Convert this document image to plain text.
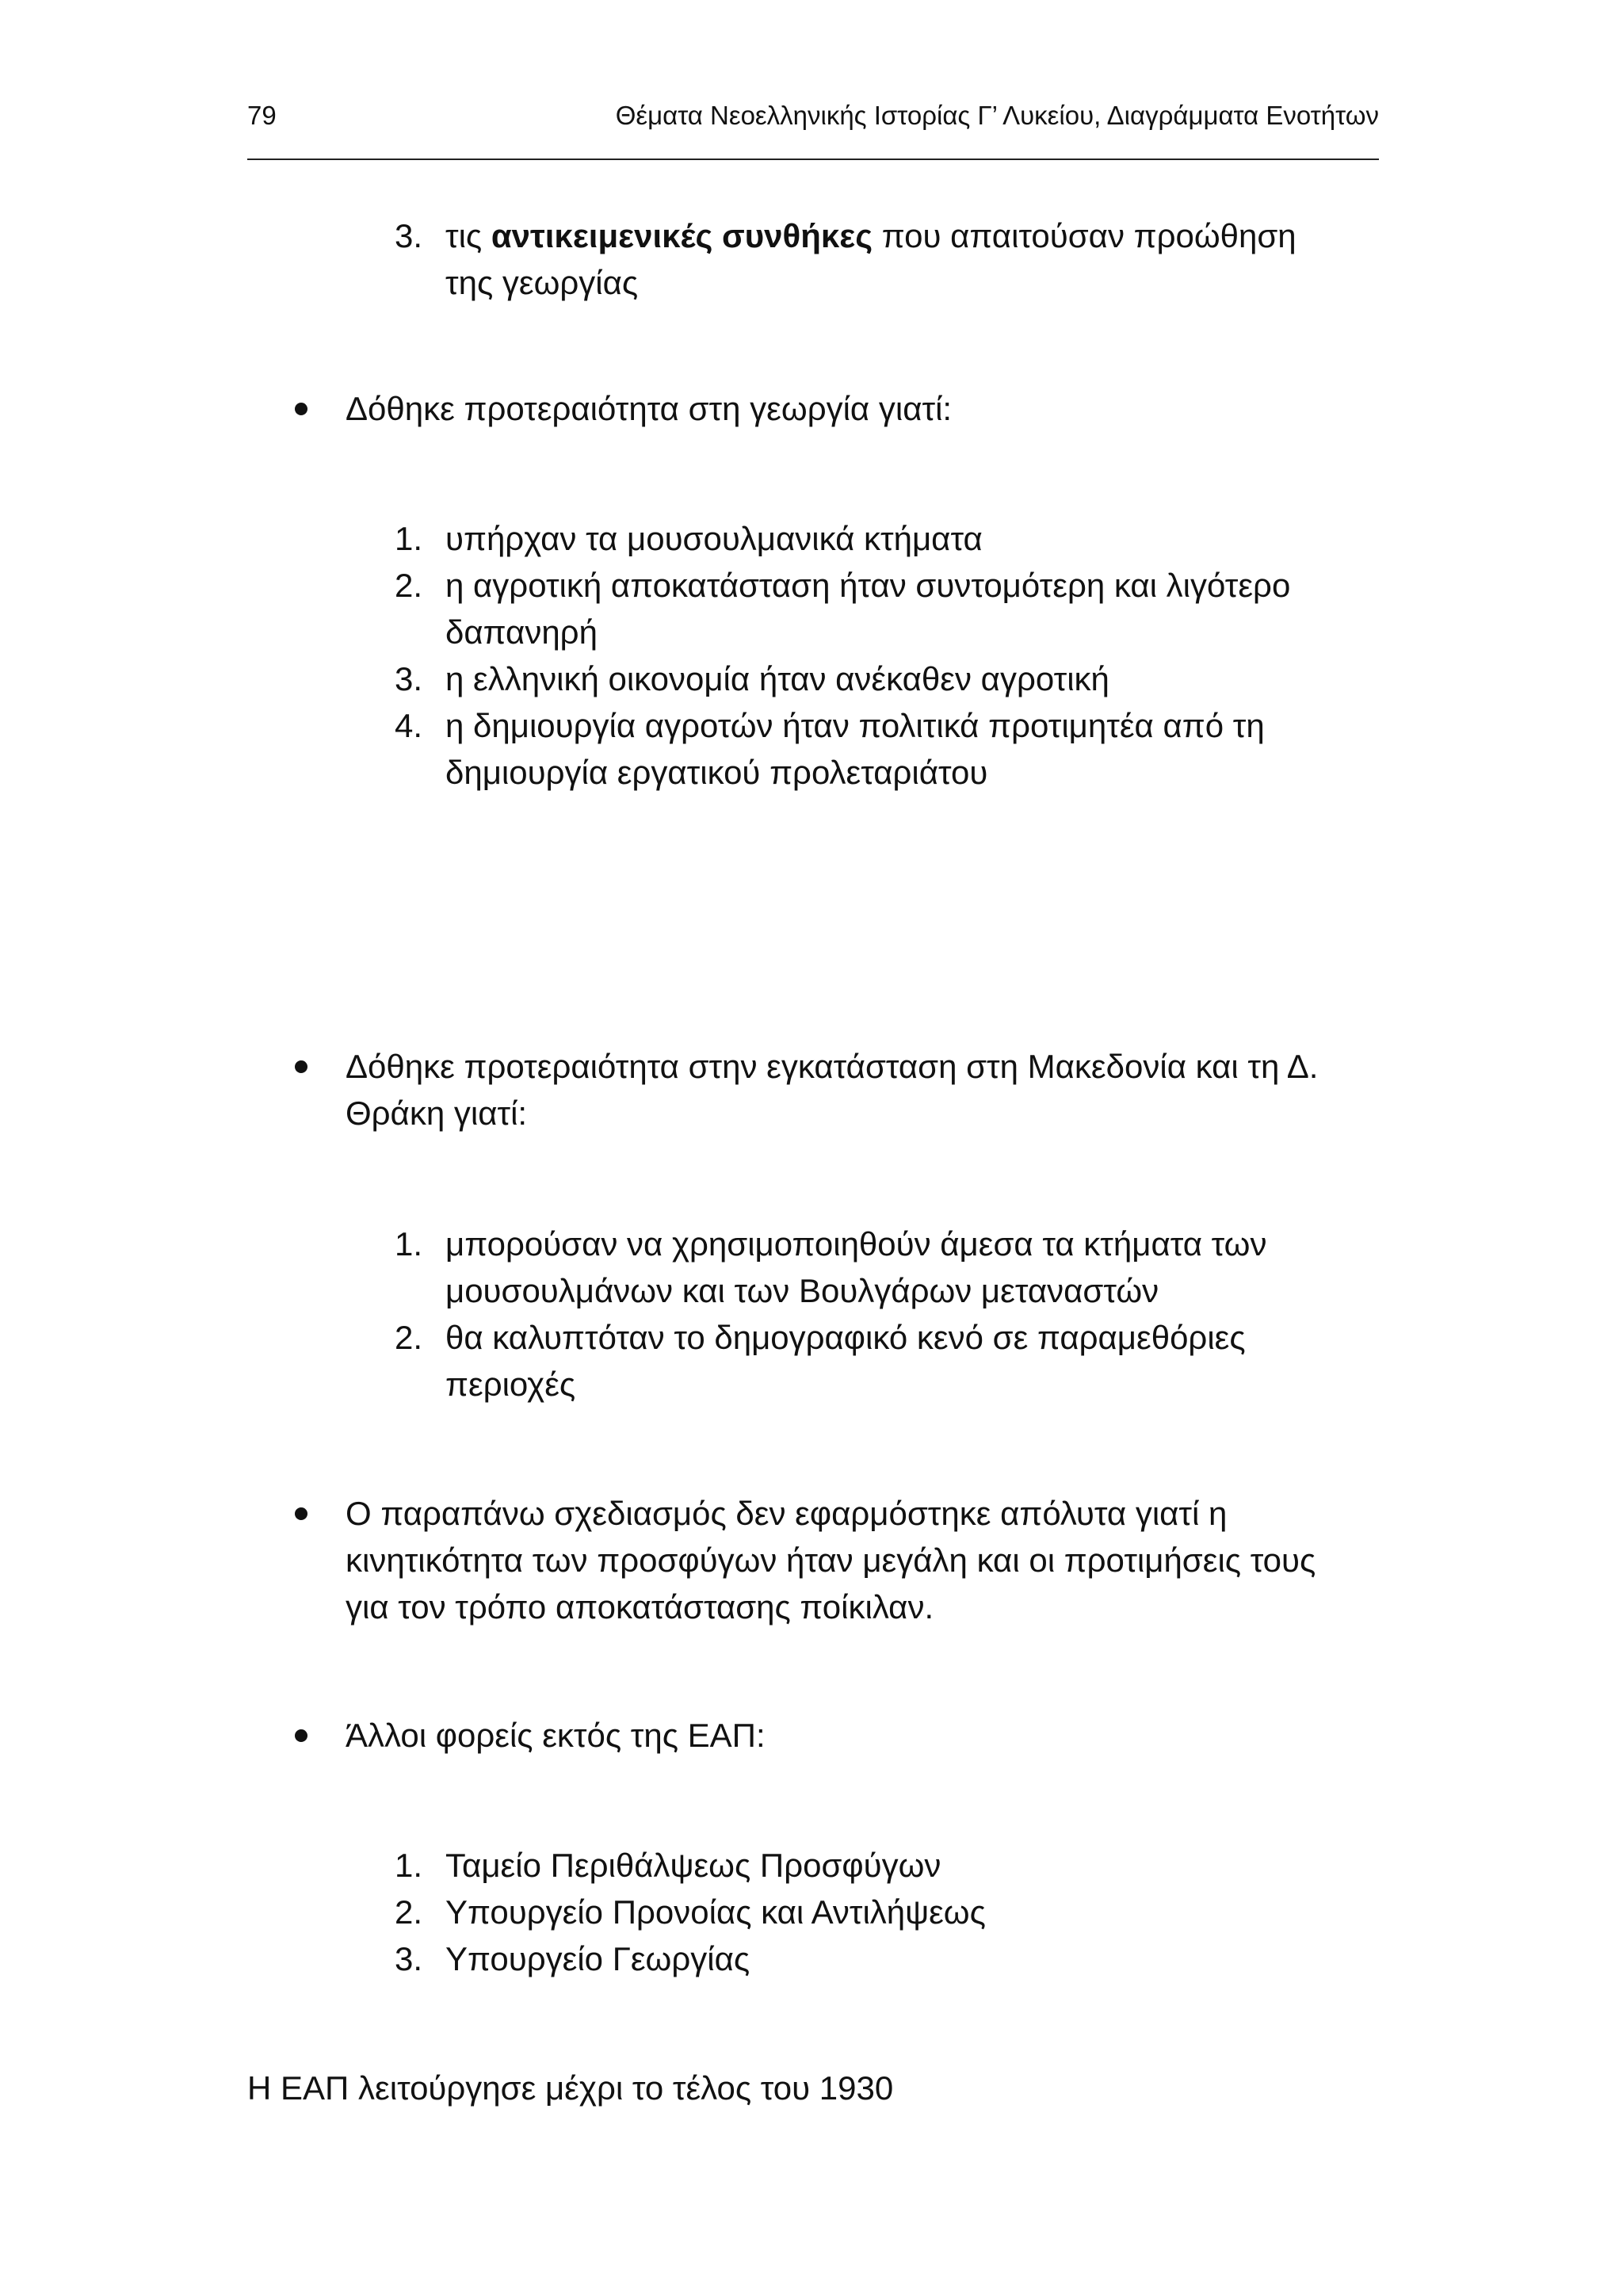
79	Θέματα Νεοελληνικής Ιστορίας Γ’ Λυκείου, Διαγράμματα Ενοτήτων
3. τις αντικειμενικές συνθήκες που απαιτούσαν προώθηση της γεωργίας
Δόθηκε προτεραιότητα στη γεωργία γιατί:
1. υπήρχαν τα μουσουλμανικά κτήματα
2. η αγροτική αποκατάσταση ήταν συντομότερη και λιγότερο δαπανηρή
3. η ελληνική οικονομία ήταν ανέκαθεν αγροτική
4. η δημιουργία αγροτών ήταν πολιτικά προτιμητέα από τη δημιουργία εργατικού προλεταριάτου
Δόθηκε προτεραιότητα στην εγκατάσταση στη Μακεδονία και τη Δ. Θράκη γιατί:
1. μπορούσαν να χρησιμοποιηθούν άμεσα τα κτήματα των μουσουλμάνων και των Βουλγάρων μεταναστών
2. θα καλυπτόταν το δημογραφικό κενό σε παραμεθόριες περιοχές
Ο παραπάνω σχεδιασμός δεν εφαρμόστηκε απόλυτα γιατί η κινητικότητα των προσφύγων ήταν μεγάλη και οι προτιμήσεις τους για τον τρόπο αποκατάστασης ποίκιλαν.
Άλλοι φορείς εκτός της ΕΑΠ:
1. Ταμείο Περιθάλψεως Προσφύγων
2. Υπουργείο Προνοίας και Αντιλήψεως
3. Υπουργείο Γεωργίας
Η ΕΑΠ λειτούργησε μέχρι το τέλος του 1930
